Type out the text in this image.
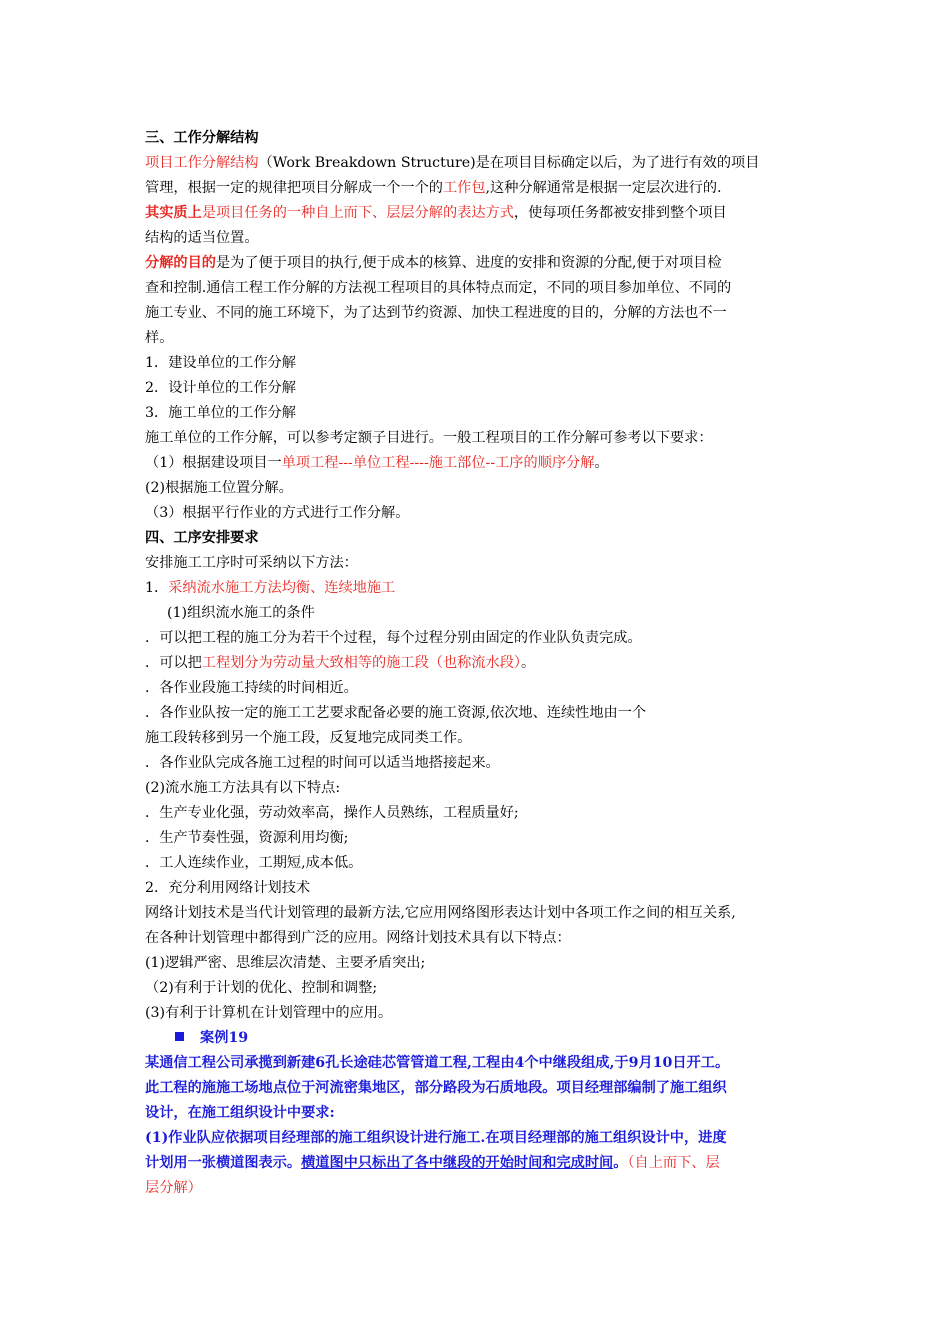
三、工作分解结构
项目工作分解结构（Work Breakdown Structure)是在项目目标确定以后，为了进行有效的项目
管理，根据一定的规律把项目分解成一个一个的工作包,这种分解通常是根据一定层次进行的.
其实质上是项目任务的一种自上而下、层层分解的表达方式，使每项任务都被安排到整个项目
结构的适当位置。
分解的目的是为了便于项目的执行,便于成本的核算、进度的安排和资源的分配,便于对项目检
查和控制.通信工程工作分解的方法视工程项目的具体特点而定，不同的项目参加单位、不同的
施工专业、不同的施工环境下，为了达到节约资源、加快工程进度的目的，分解的方法也不一
样。
1．建设单位的工作分解
2．设计单位的工作分解
3．施工单位的工作分解
施工单位的工作分解，可以参考定额子目进行。一般工程项目的工作分解可参考以下要求：
（1）根据建设项目一单项工程---单位工程----施工部位--工序的顺序分解。
(2)根据施工位置分解。
（3）根据平行作业的方式进行工作分解。
四、工序安排要求
安排施工工序时可采纳以下方法：
1．采纳流水施工方法均衡、连续地施工
(1)组织流水施工的条件
．可以把工程的施工分为若干个过程，每个过程分别由固定的作业队负责完成。
．可以把工程划分为劳动量大致相等的施工段（也称流水段）。
．各作业段施工持续的时间相近。
．各作业队按一定的施工工艺要求配备必要的施工资源,依次地、连续性地由一个
施工段转移到另一个施工段，反复地完成同类工作。
．各作业队完成各施工过程的时间可以适当地搭接起来。
(2)流水施工方法具有以下特点:
．生产专业化强，劳动效率高，操作人员熟练，工程质量好;
．生产节奏性强，资源利用均衡;
．工人连续作业，工期短,成本低。
2．充分利用网络计划技术
网络计划技术是当代计划管理的最新方法,它应用网络图形表达计划中各项工作之间的相互关系,
在各种计划管理中都得到广泛的应用。网络计划技术具有以下特点：
(1)逻辑严密、思维层次清楚、主要矛盾突出;
（2)有利于计划的优化、控制和调整;
(3)有利于计算机在计划管理中的应用。
案例19
某通信工程公司承揽到新建6孔长途硅芯管管道工程,工程由4个中继段组成,于9月10日开工。
此工程的施施工场地点位于河流密集地区，部分路段为石质地段。项目经理部编制了施工组织
设计，在施工组织设计中要求:
(1)作业队应依据项目经理部的施工组织设计进行施工.在项目经理部的施工组织设计中，进度
计划用一张横道图表示。横道图中只标出了各中继段的开始时间和完成时间。（自上而下、层
层分解）
